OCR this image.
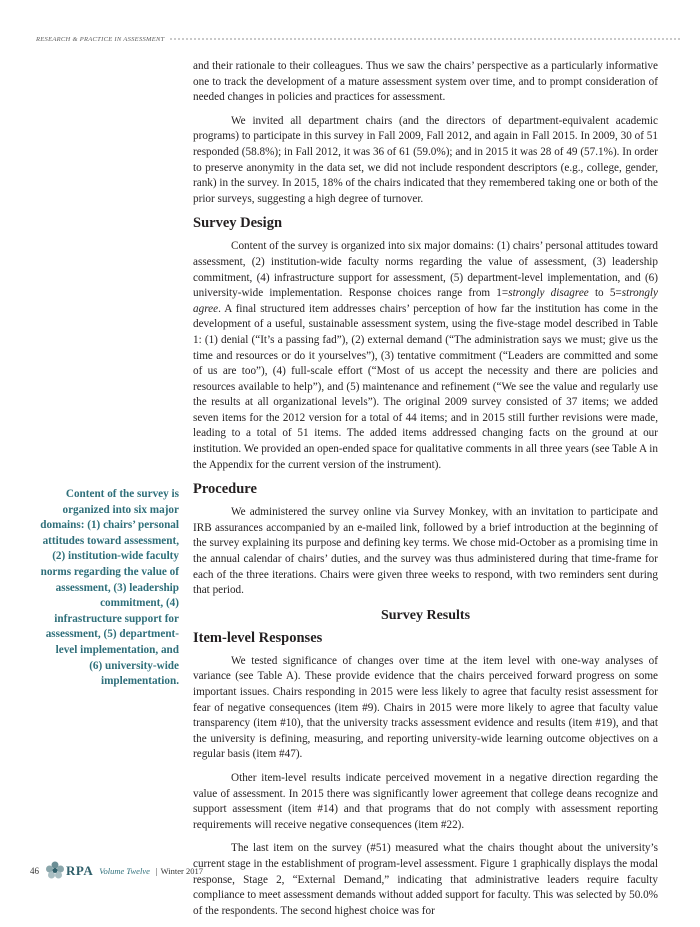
RESEARCH & PRACTICE IN ASSESSMENT

and their rationale to their colleagues. Thus we saw the chairs’ perspective as a particularly informative one to track the development of a mature assessment system over time, and to prompt consideration of needed changes in policies and practices for assessment.

We invited all department chairs (and the directors of department-equivalent academic programs) to participate in this survey in Fall 2009, Fall 2012, and again in Fall 2015. In 2009, 30 of 51 responded (58.8%); in Fall 2012, it was 36 of 61 (59.0%); and in 2015 it was 28 of 49 (57.1%). In order to preserve anonymity in the data set, we did not include respondent descriptors (e.g., college, gender, rank) in the survey. In 2015, 18% of the chairs indicated that they remembered taking one or both of the prior surveys, suggesting a high degree of turnover.

Survey Design

Content of the survey is organized into six major domains: (1) chairs’ personal attitudes toward assessment, (2) institution-wide faculty norms regarding the value of assessment, (3) leadership commitment, (4) infrastructure support for assessment, (5) department-level implementation, and (6) university-wide implementation. Response choices range from 1=strongly disagree to 5=strongly agree. A final structured item addresses chairs’ perception of how far the institution has come in the development of a useful, sustainable assessment system, using the five-stage model described in Table 1: (1) denial (“It’s a passing fad”), (2) external demand (“The administration says we must; give us the time and resources or do it yourselves”), (3) tentative commitment (“Leaders are committed and some of us are too”), (4) full-scale effort (“Most of us accept the necessity and there are policies and resources available to help”), and (5) maintenance and refinement (“We see the value and regularly use the results at all organizational levels”). The original 2009 survey consisted of 37 items; we added seven items for the 2012 version for a total of 44 items; and in 2015 still further revisions were made, leading to a total of 51 items. The added items addressed changing facts on the ground at our institution. We provided an open-ended space for qualitative comments in all three years (see Table A in the Appendix for the current version of the instrument).

Procedure

We administered the survey online via Survey Monkey, with an invitation to participate and IRB assurances accompanied by an e-mailed link, followed by a brief introduction at the beginning of the survey explaining its purpose and defining key terms. We chose mid-October as a promising time in the annual calendar of chairs’ duties, and the survey was thus administered during that time-frame for each of the three iterations. Chairs were given three weeks to respond, with two reminders sent during that period.

Survey Results
Item-level Responses

We tested significance of changes over time at the item level with one-way analyses of variance (see Table A). These provide evidence that the chairs perceived forward progress on some important issues. Chairs responding in 2015 were less likely to agree that faculty resist assessment for fear of negative consequences (item #9). Chairs in 2015 were more likely to agree that faculty value transparency (item #10), that the university tracks assessment evidence and results (item #19), and that the university is defining, measuring, and reporting university-wide learning outcome objectives on a regular basis (item #47).

Other item-level results indicate perceived movement in a negative direction regarding the value of assessment. In 2015 there was significantly lower agreement that college deans recognize and support assessment (item #14) and that programs that do not comply with assessment reporting requirements will receive negative consequences (item #22).

The last item on the survey (#51) measured what the chairs thought about the university’s current stage in the establishment of program-level assessment. Figure 1 graphically displays the modal response, Stage 2, “External Demand,” indicating that administrative leaders require faculty compliance to meet assessment demands without added support for faculty. This was selected by 50.0% of the respondents. The second highest choice was for

Content of the survey is organized into six major domains: (1) chairs’ personal attitudes toward assessment, (2) institution-wide faculty norms regarding the value of assessment, (3) leadership commitment, (4) infrastructure support for assessment, (5) department-level implementation, and (6) university-wide implementation.
46 RPA Volume Twelve | Winter 2017
